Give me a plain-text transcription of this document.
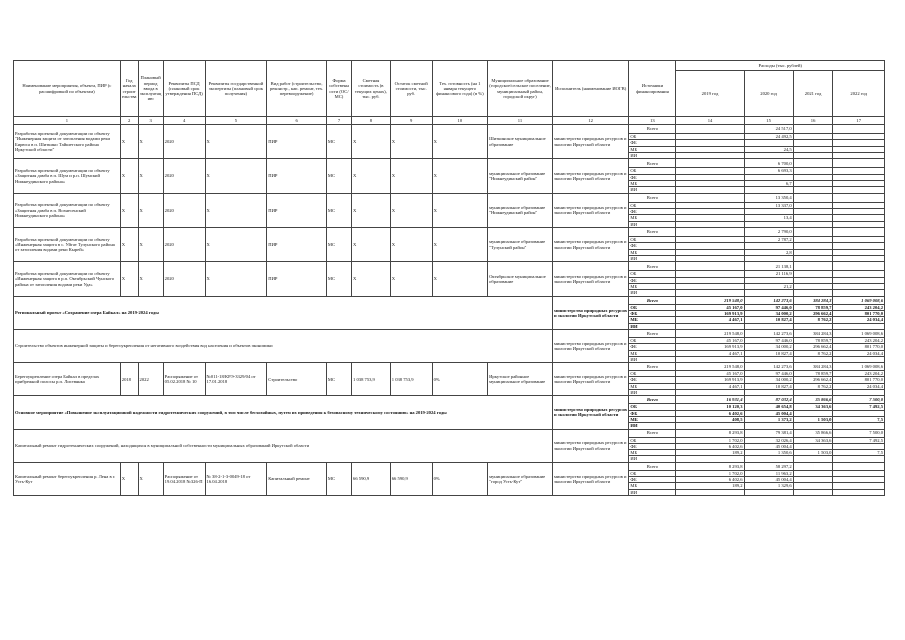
Наименование мероприятия, объекта, ПИР (с расшифровкой по объектам)	Год начала строительства	Плановый период ввода в эксплуатацию	Реквизиты ПСД (плановый срок утверждения ПСД)	Реквизиты государственной экспертизы (плановый срок получения)	Вид работ (строительство, реконстр., кап. ремонт, тех. перевооружение)	Форма собственности (ОС/МС)	Сметная стоимость (в текущих ценах), тыс. руб.	Остаток сметной стоимости, тыс. руб.	Тех. готовность (на 1 января текущего финансового года) (в %)	Муниципальное образование (городское/сельское поселение, муниципальный район, городской округ)	Исполнитель (наименование ИОГВ)	Источники финансирования	Расходы (тыс. рублей)			
													2019 год	2020 год	2021 год	2022 год
1	2	3	4	5	6	7	8	9	10	11	12	13	14	15	16	17
Разработка проектной документации по объекту "Инженерная защита от затопления водами реки Бирюса в п. Шиткино Тайшетского района Иркутской области"	Х	Х	2020	Х	ПИР	МС	Х	Х	Х	Шиткинское муниципальное образование	министерство природных ресурсов и экологии Иркутской области	Всего		24 517,0		
												ОБ		24 492,5		
												ФБ				
												МБ		24,5		
												ИИ				
Разработка проектной документации по объекту «Защитная дамба в п. Шум и р.п. Шумский Нижнеудинского района»	Х	Х	2020	Х	ПИР	МС	Х	Х	Х	муниципальное образование "Нижнеудинский район"	министерство природных ресурсов и экологии Иркутской области	Всего		6 700,0		
												ОБ		6 693,3		
												ФБ				
												МБ		6,7		
												ИИ				
Разработка проектной документации по объекту «Защитная дамба в п. Вознесенский Нижнеудинского района»	Х	Х	2020	Х	ПИР	МС	Х	Х	Х	муниципальное образование "Нижнеудинский район"	министерство природных ресурсов и экологии Иркутской области	Всего		13 350,4		
												ОБ		13 337,0		
												ФБ				
												МБ		13,4		
												ИИ				
Разработка проектной документации по объекту «Инженерная защита в с. Уйгат Тулунского района от затопления водами реки Кырей»	Х	Х	2020	Х	ПИР	МС	Х	Х	Х	муниципальное образование "Тулунский район"	министерство природных ресурсов и экологии Иркутской области	Всего		2 790,0		
												ОБ		2 787,2		
												ФБ				
												МБ		2,8		
												ИИ				
Разработка проектной документации по объекту «Инженерная защита в р.п. Октябрьский Чунского района от затопления водами реки Уда»	Х	Х	2020	Х	ПИР	МС	Х	Х	Х	Октябрьское муниципальное образование	министерство природных ресурсов и экологии Иркутской области	Всего		21 138,1		
												ОБ		21 116,9		
												ФБ				
												МБ		21,2		
												ИИ				
Региональный проект «Сохранение озера Байкал» на 2019-2024 годы											министерство природных ресурсов и экологии Иркутской области	Всего	219 548,0	142 273,6	384 284,3	1 069 008,6
												ОБ	45 167,0	97 446,0	78 859,7	243 204,2
												ФБ	169 913,9	34 000,2	296 662,4	801 770,0
												МБ	4 467,1	10 827,4	8 762,2	24 034,4
												ИИ				
Строительство объектов инженерной защиты и берегоукрепления от негативного воздействия вод населения и объектов экономики											министерство природных ресурсов и экологии Иркутской области	Всего	219 548,0	142 273,6	384 284,3	1 069 008,6
												ОБ	45 167,0	97 446,0	78 859,7	243 204,2
												ФБ	169 913,9	34 000,2	296 662,4	801 770,0
												МБ	4 467,1	10 827,4	8 762,2	24 034,4
												ИИ				
Берегоукрепление озера Байкал в пределах прибрежной полосы р.п. Листвянка	2018	2022	Распоряжение от 05.02.2018 № 10	№011-18/КРЭ-3329/04 от 17.01.2018	Строительство	МС	1 038 753,9	1 038 753,9	0%	Иркутское районное муниципальное образование	министерство природных ресурсов и экологии Иркутской области	Всего	219 548,0	142 273,6	384 284,3	1 069 008,6
												ОБ	45 167,0	97 446,0	78 859,7	243 204,2
												ФБ	169 913,9	34 000,2	296 662,4	801 770,0
												МБ	4 467,1	10 827,4	8 762,2	24 034,4
												ИИ				
Основное мероприятие «Повышение эксплуатационной надежности гидротехнических сооружений, в том числе бесхозяйных, путем их приведения к безопасному техническому состоянию» на 2019-2024 годы											министерство природных ресурсов и экологии Иркутской области	Всего	16 931,4	87 032,4	35 866,6	7 500,0
												ОБ	10 120,3	40 654,8	34 363,6	7 492,5
												ФБ	6 402,6	45 004,4		
												МБ	408,5	1 373,2	1 503,0	7,5
												ИИ				
Капитальный ремонт гидротехнических сооружений, находящихся в муниципальной собственности муниципальных образований Иркутской области											министерство природных ресурсов и экологии Иркутской области	Всего	8 293,8	79 381,4	35 866,6	7 500,0
												ОБ	1 702,0	32 026,4	34 363,6	7 492,5
												ФБ	6 402,6	45 004,4		
												МБ	189,2	1 350,6	1 503,0	7,5
												ИИ				
Капитальный ремонт берегоукрепления р. Лена в г. Усть-Кут	Х	Х	Распоряжение от 19.04.2018 №326-П	№ 38-2-1-3-0049-18 от 16.04.2018	Капитальный ремонт	МС	66 590,9	66 590,9	0%	муниципальное образование "город Усть-Кут"	министерство природных ресурсов и экологии Иркутской области	Всего	8 293,8	58 297,2		
												ОБ	1 702,0	11 963,2		
												ФБ	6 402,6	45 004,4		
												МБ	189,2	1 329,6		
												ИИ				
